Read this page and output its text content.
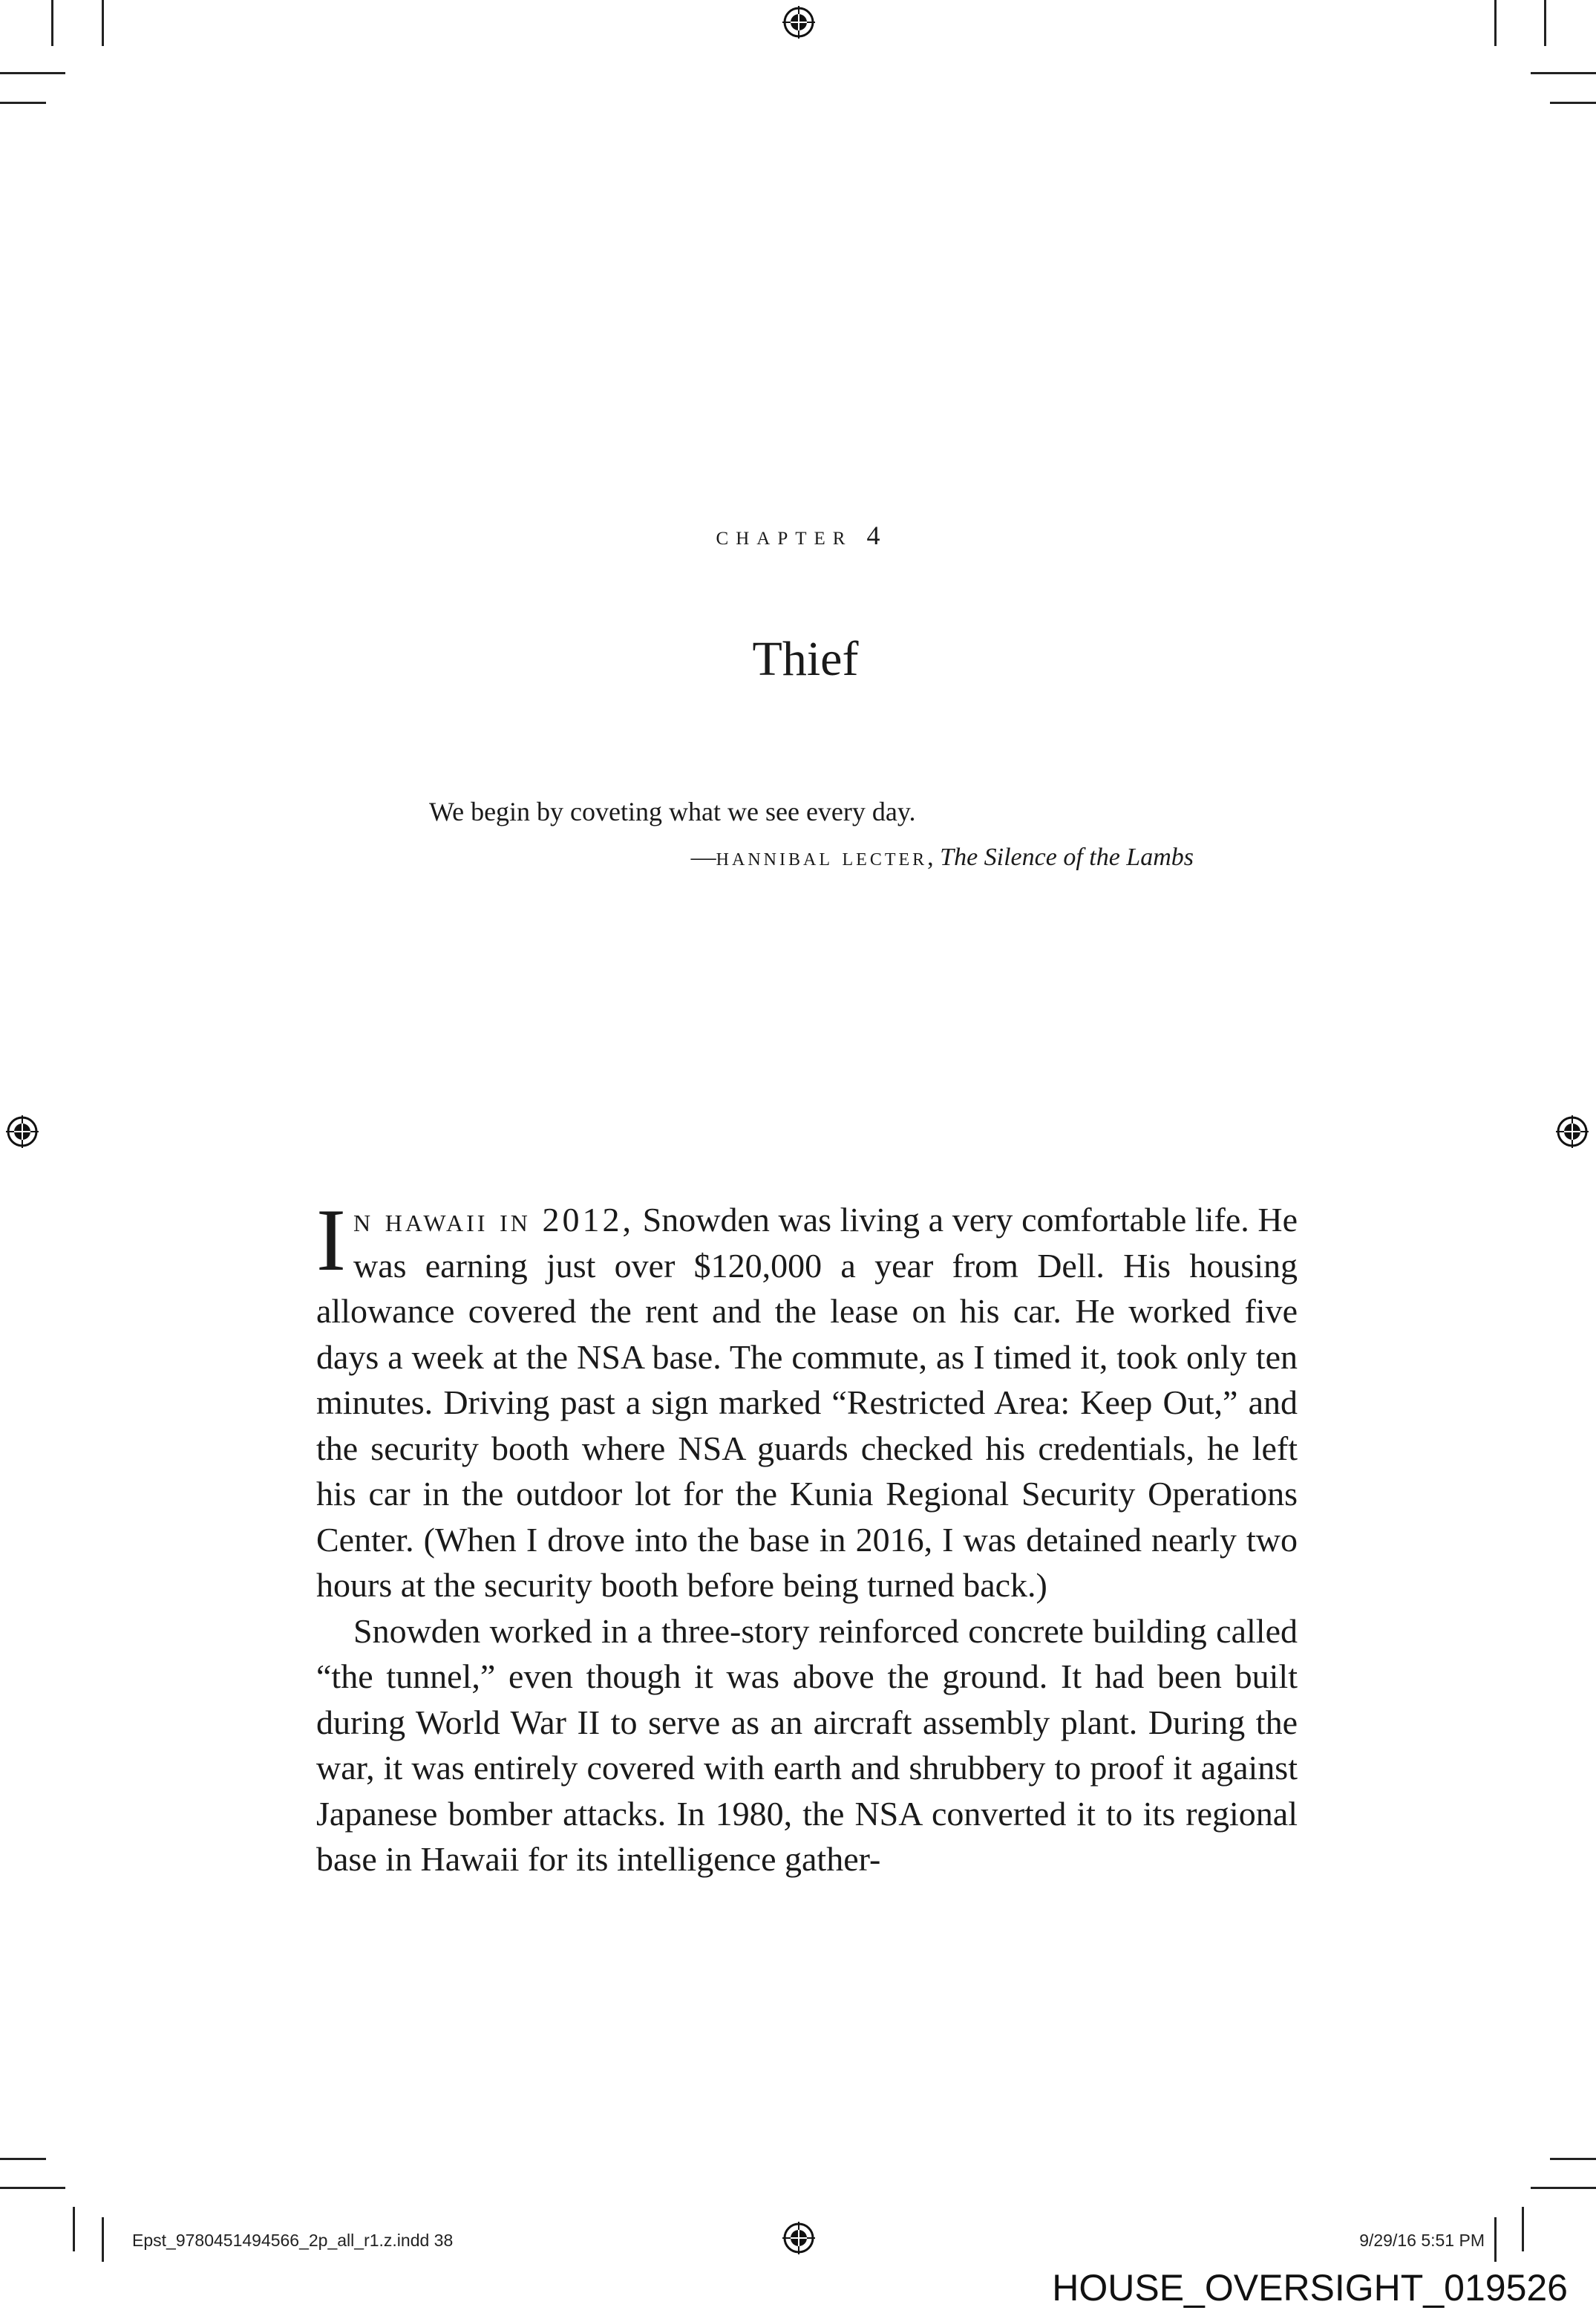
chapter 4
Thief
We begin by coveting what we see every day.
—hannibal lecter, The Silence of the Lambs

In hawaii in 2012, Snowden was living a very comfortable life. He was earning just over $120,000 a year from Dell. His housing allowance covered the rent and the lease on his car. He worked five days a week at the NSA base. The commute, as I timed it, took only ten minutes. Driving past a sign marked “Restricted Area: Keep Out,” and the security booth where NSA guards checked his credentials, he left his car in the outdoor lot for the Kunia Regional Security Operations Center. (When I drove into the base in 2016, I was detained nearly two hours at the security booth before being turned back.)

Snowden worked in a three-story reinforced concrete building called “the tunnel,” even though it was above the ground. It had been built during World War II to serve as an aircraft assembly plant. During the war, it was entirely covered with earth and shrubbery to proof it against Japanese bomber attacks. In 1980, the NSA converted it to its regional base in Hawaii for its intelligence gather-

Epst_9780451494566_2p_all_r1.z.indd 38	9/29/16 5:51 PM
HOUSE_OVERSIGHT_019526
